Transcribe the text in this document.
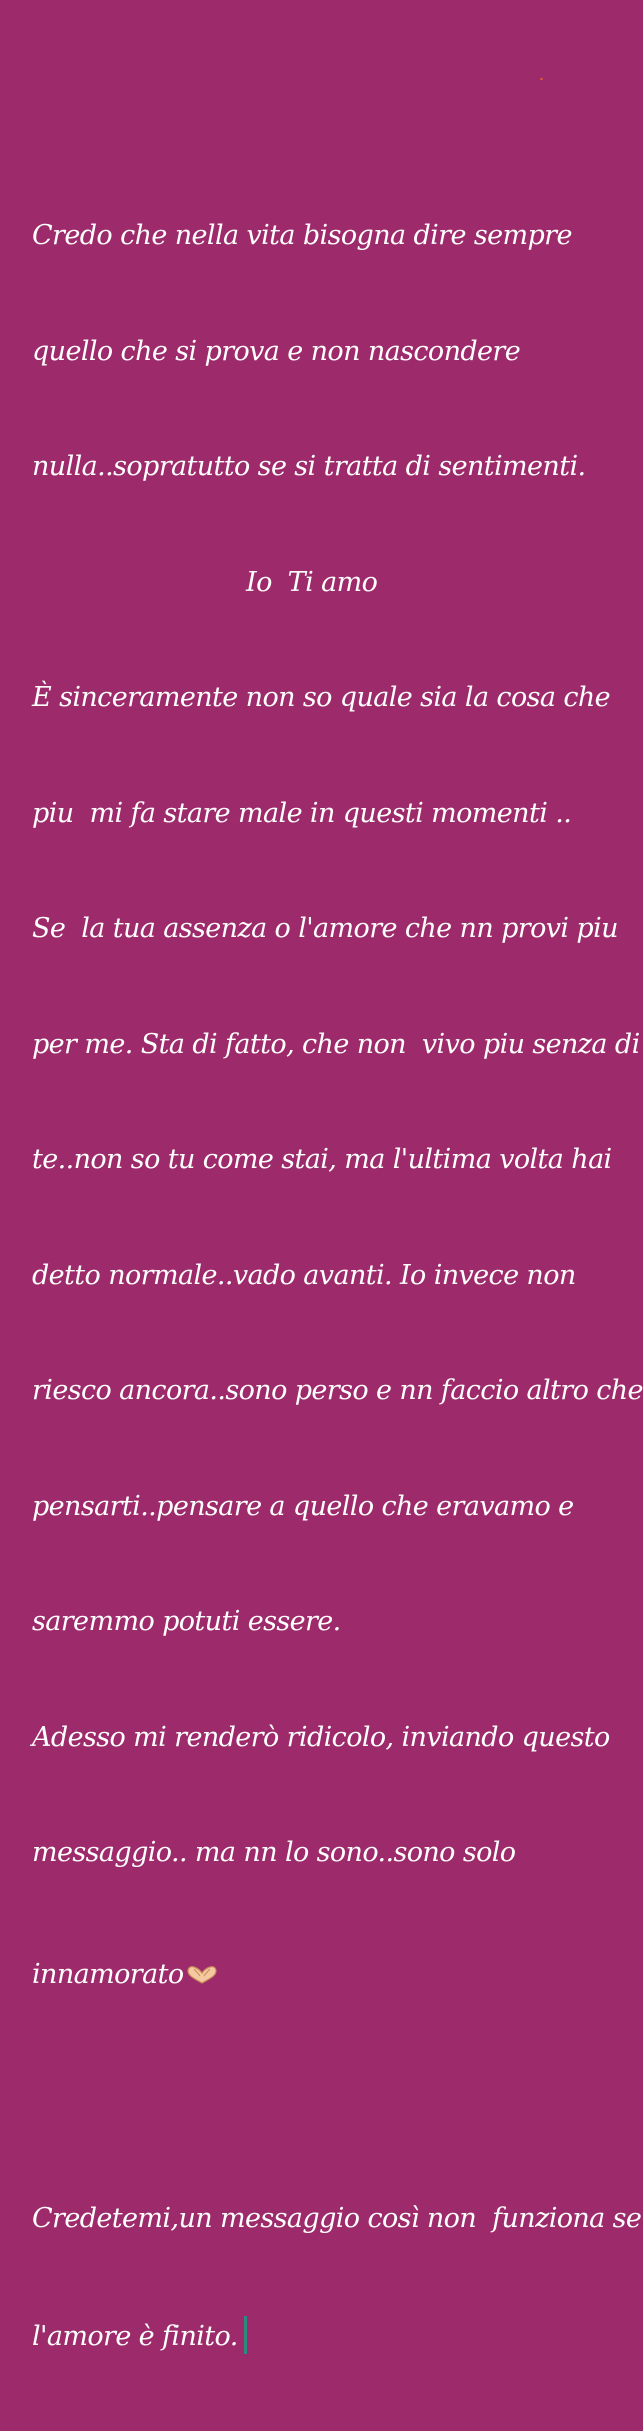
Credo che nella vita bisogna dire sempre

quello che si prova e non nascondere

nulla..sopratutto se si tratta di sentimenti.

Io  Ti amo

È sinceramente non so quale sia la cosa che

piu  mi fa stare male in questi momenti ..

Se  la tua assenza o l'amore che nn provi piu

per me. Sta di fatto, che non  vivo piu senza di

te..non so tu come stai, ma l'ultima volta hai

detto normale..vado avanti. Io invece non

riesco ancora..sono perso e nn faccio altro che

pensarti..pensare a quello che eravamo e

saremmo potuti essere.

Adesso mi renderò ridicolo, inviando questo

messaggio.. ma nn lo sono..sono solo

innamorato

Credetemi,un messaggio così non  funziona se

l'amore è finito.
